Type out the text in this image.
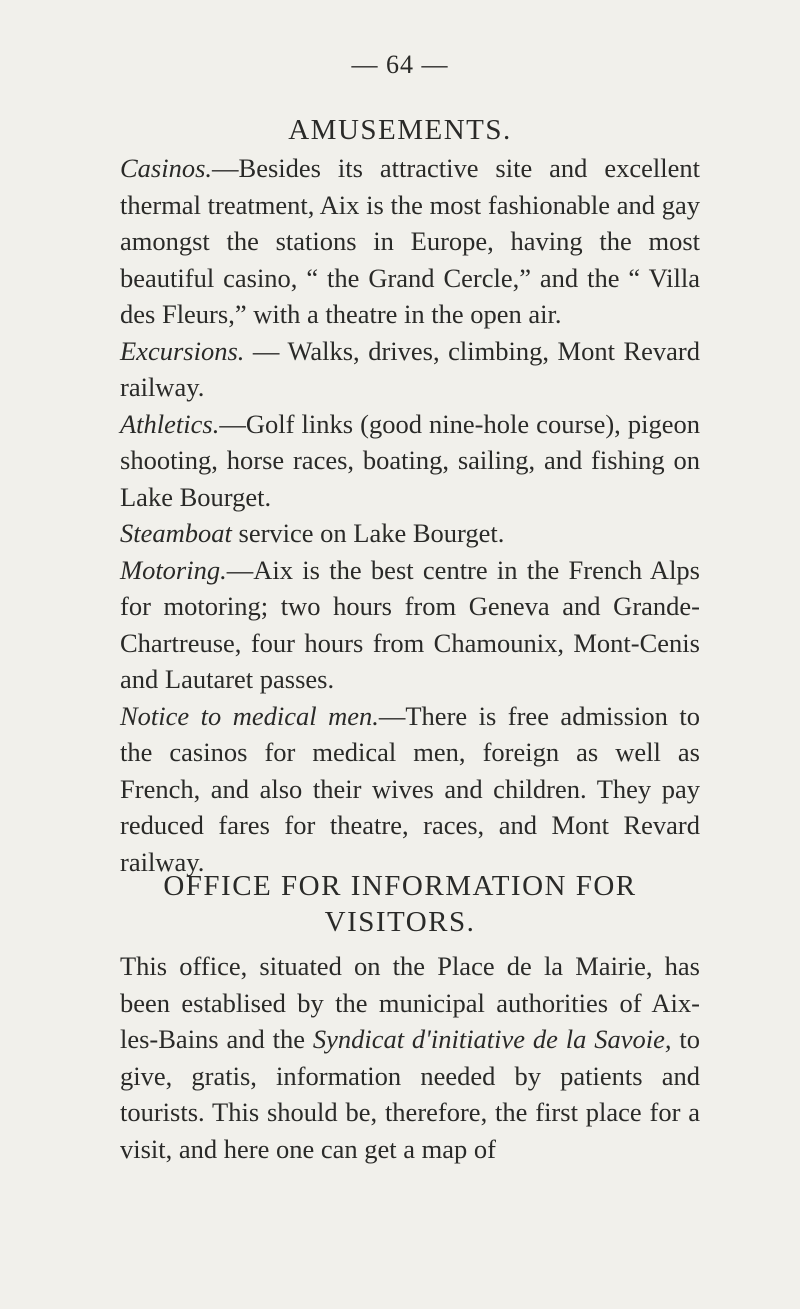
— 64 —
AMUSEMENTS.

Casinos.—Besides its attractive site and excellent thermal treatment, Aix is the most fashionable and gay amongst the stations in Europe, having the most beautiful casino, “ the Grand Cercle,” and the “ Villa des Fleurs,” with a theatre in the open air.

Excursions. — Walks, drives, climbing, Mont Revard railway.

Athletics.—Golf links (good nine-hole course), pigeon shooting, horse races, boating, sailing, and fishing on Lake Bourget.

Steamboat service on Lake Bourget.

Motoring.—Aix is the best centre in the French Alps for motoring; two hours from Geneva and Grande-Chartreuse, four hours from Chamounix, Mont-Cenis and Lautaret passes.

Notice to medical men.—There is free admission to the casinos for medical men, foreign as well as French, and also their wives and children. They pay reduced fares for theatre, races, and Mont Revard railway.

OFFICE FOR INFORMATION FOR
VISITORS.

This office, situated on the Place de la Mairie, has been establised by the municipal authorities of Aix-les-Bains and the Syndicat d'initiative de la Savoie, to give, gratis, information needed by patients and tourists. This should be, therefore, the first place for a visit, and here one can get a map of
